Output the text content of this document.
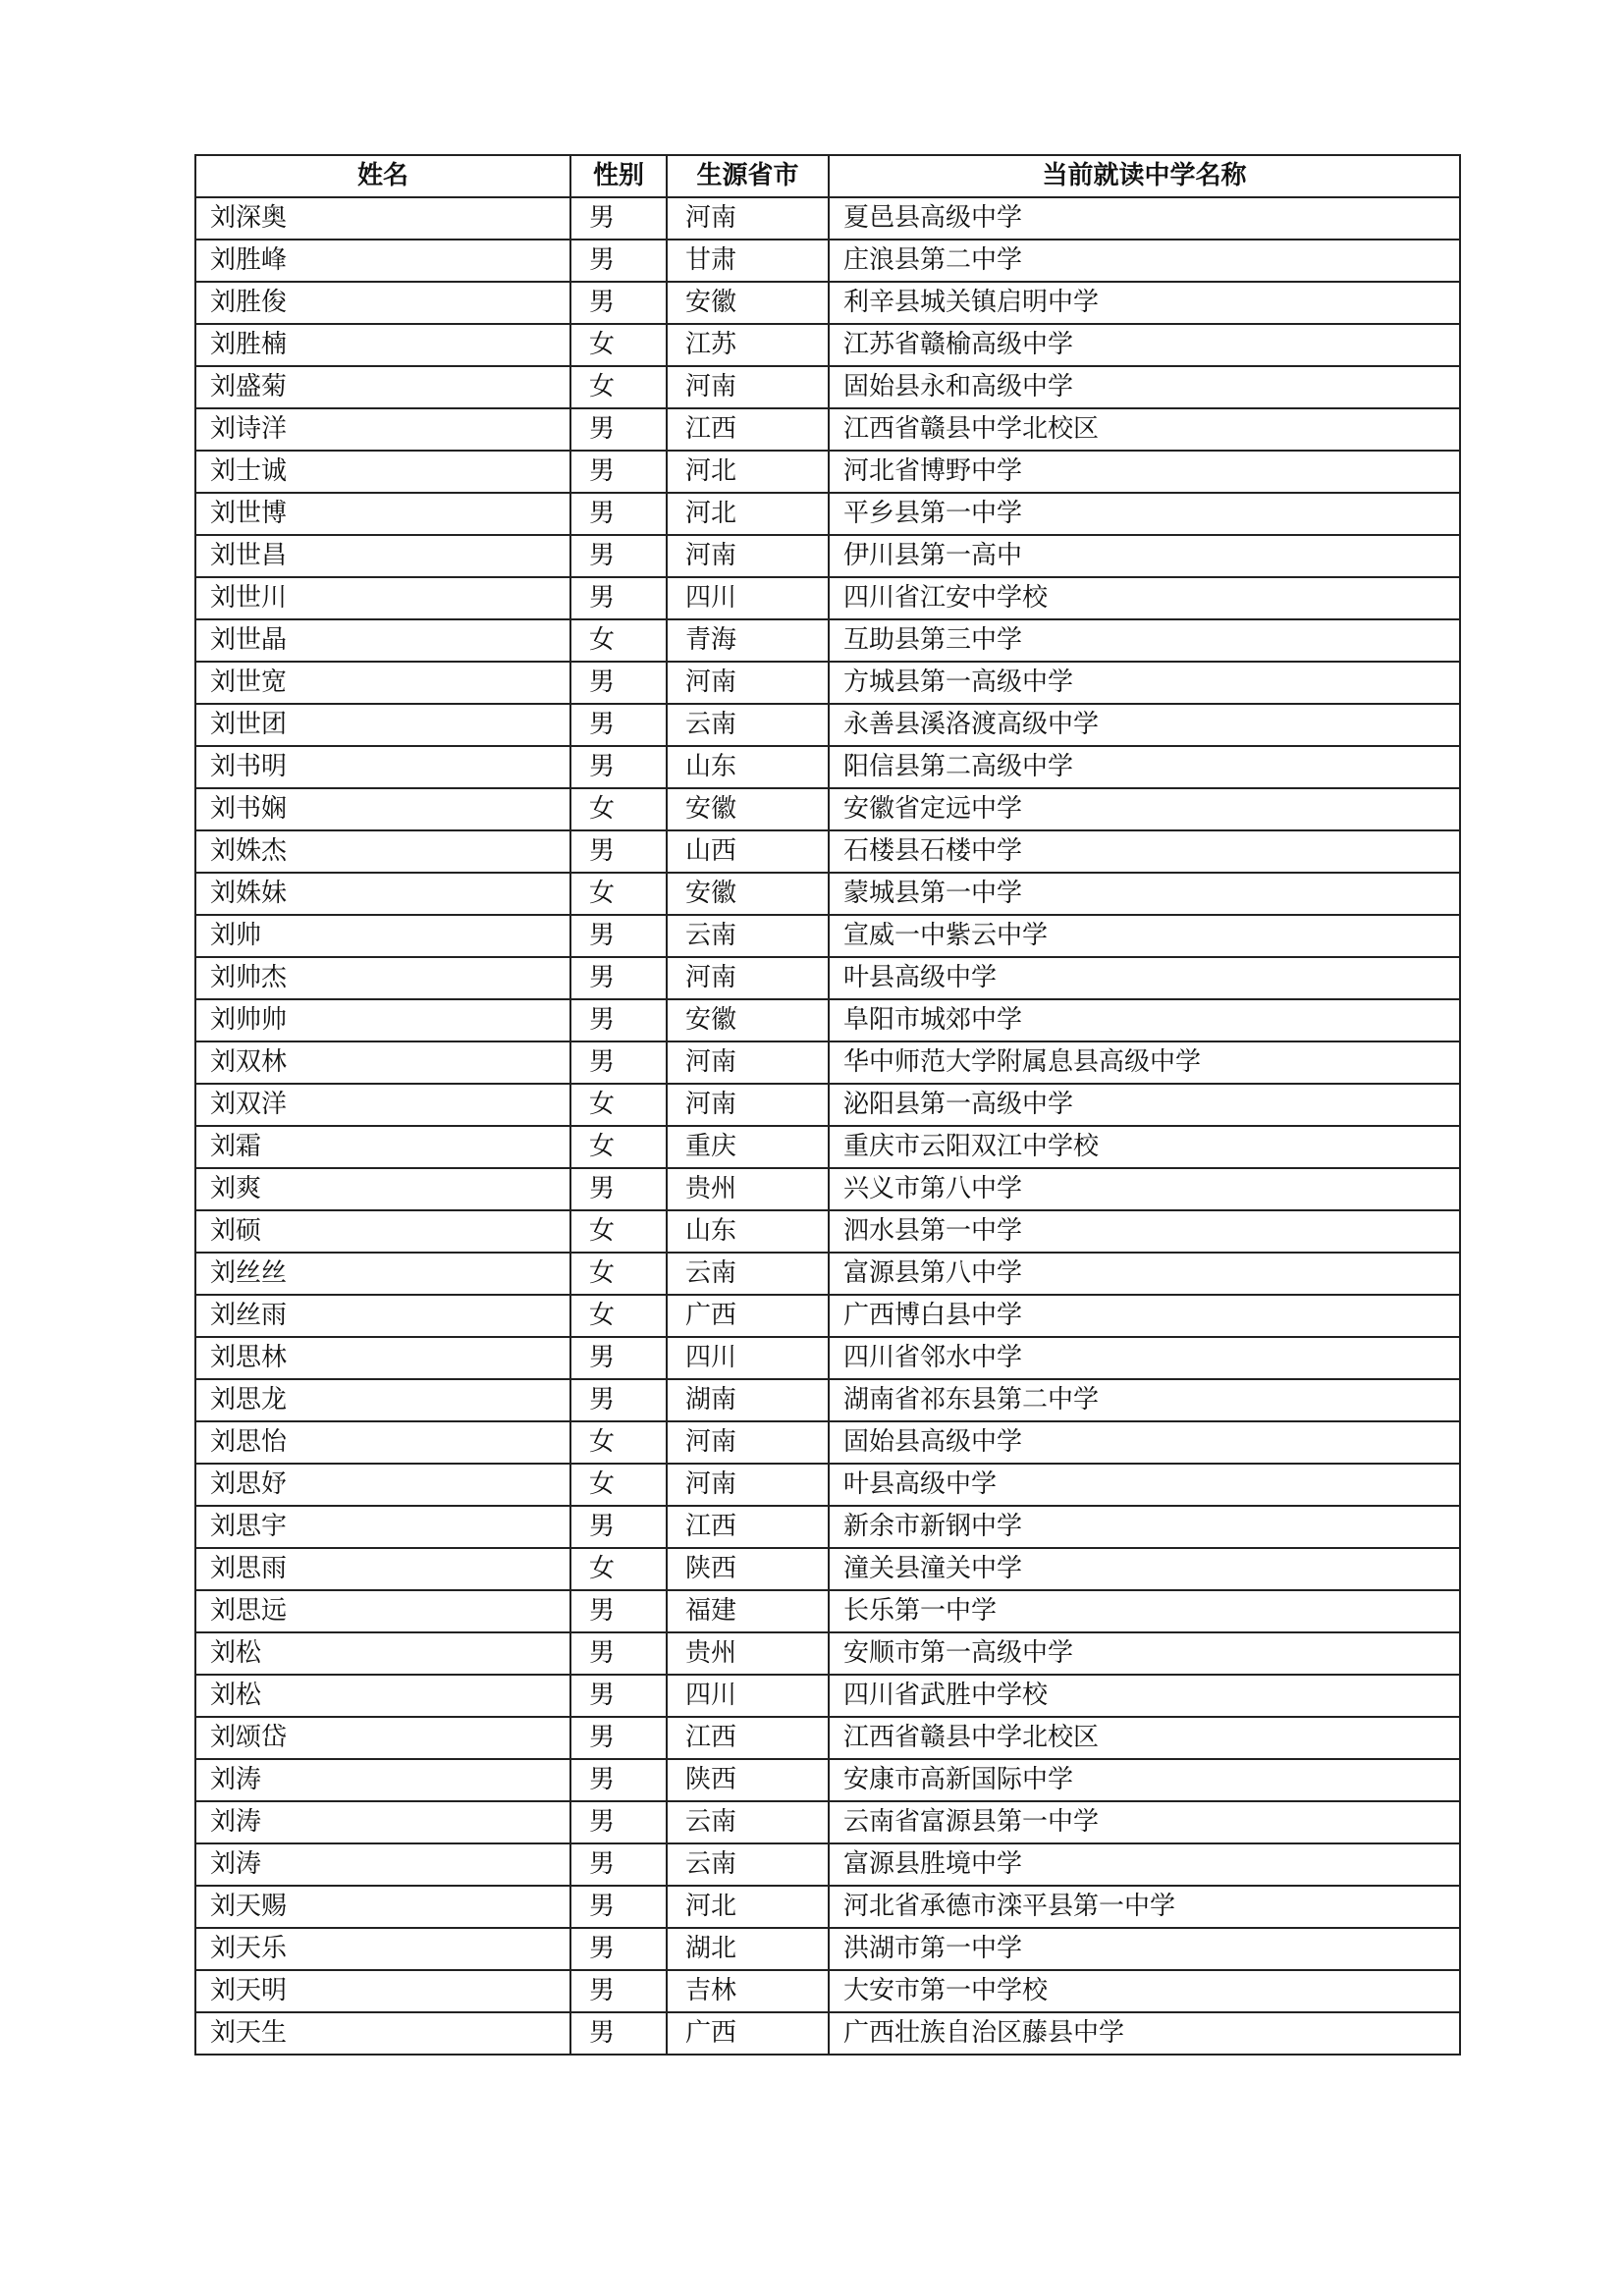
姓名	性别	生源省市	当前就读中学名称
刘深奥	男	河南	夏邑县高级中学
刘胜峰	男	甘肃	庄浪县第二中学
刘胜俊	男	安徽	利辛县城关镇启明中学
刘胜楠	女	江苏	江苏省赣榆高级中学
刘盛菊	女	河南	固始县永和高级中学
刘诗洋	男	江西	江西省赣县中学北校区
刘士诚	男	河北	河北省博野中学
刘世博	男	河北	平乡县第一中学
刘世昌	男	河南	伊川县第一高中
刘世川	男	四川	四川省江安中学校
刘世晶	女	青海	互助县第三中学
刘世宽	男	河南	方城县第一高级中学
刘世团	男	云南	永善县溪洛渡高级中学
刘书明	男	山东	阳信县第二高级中学
刘书娴	女	安徽	安徽省定远中学
刘姝杰	男	山西	石楼县石楼中学
刘姝妹	女	安徽	蒙城县第一中学
刘帅	男	云南	宣威一中紫云中学
刘帅杰	男	河南	叶县高级中学
刘帅帅	男	安徽	阜阳市城郊中学
刘双林	男	河南	华中师范大学附属息县高级中学
刘双洋	女	河南	泌阳县第一高级中学
刘霜	女	重庆	重庆市云阳双江中学校
刘爽	男	贵州	兴义市第八中学
刘硕	女	山东	泗水县第一中学
刘丝丝	女	云南	富源县第八中学
刘丝雨	女	广西	广西博白县中学
刘思林	男	四川	四川省邻水中学
刘思龙	男	湖南	湖南省祁东县第二中学
刘思怡	女	河南	固始县高级中学
刘思妤	女	河南	叶县高级中学
刘思宇	男	江西	新余市新钢中学
刘思雨	女	陕西	潼关县潼关中学
刘思远	男	福建	长乐第一中学
刘松	男	贵州	安顺市第一高级中学
刘松	男	四川	四川省武胜中学校
刘颂岱	男	江西	江西省赣县中学北校区
刘涛	男	陕西	安康市高新国际中学
刘涛	男	云南	云南省富源县第一中学
刘涛	男	云南	富源县胜境中学
刘天赐	男	河北	河北省承德市滦平县第一中学
刘天乐	男	湖北	洪湖市第一中学
刘天明	男	吉林	大安市第一中学校
刘天生	男	广西	广西壮族自治区藤县中学
